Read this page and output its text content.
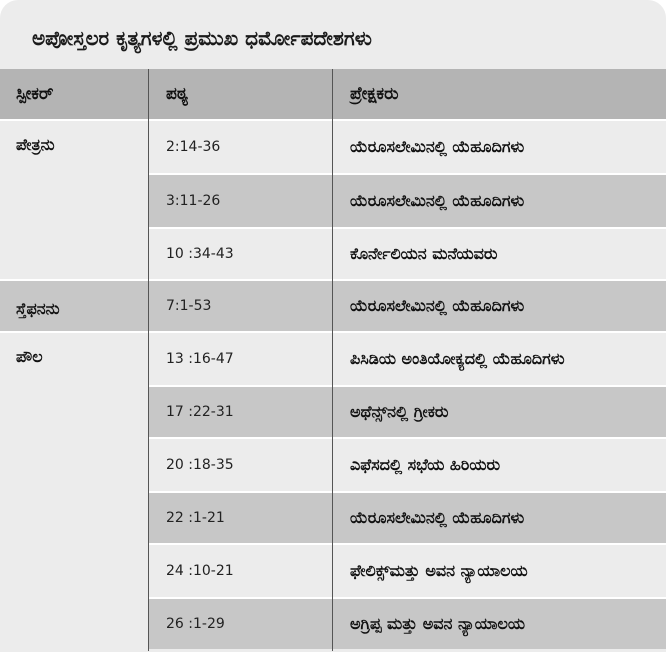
ಅಪೋಸ್ತಲರ ಕೃತ್ಯಗಳಲ್ಲಿ ಪ್ರಮುಖ ಧರ್ಮೋಪದೇಶಗಳು
ಸ್ಪೀಕರ್	ಪಠ್ಯ	ಪ್ರೇಕ್ಷಕರು
ಪೇತ್ರನು	2:14-36	ಯೆರೂಸಲೇಮಿನಲ್ಲಿ ಯೆಹೂದಿಗಳು
3:11-26	ಯೆರೂಸಲೇಮಿನಲ್ಲಿ ಯೆಹೂದಿಗಳು
10 :34-43	ಕೊರ್ನೇಲಿಯನ ಮನೆಯವರು
ಸ್ತೆಫನನು	7:1-53	ಯೆರೂಸಲೇಮಿನಲ್ಲಿ ಯೆಹೂದಿಗಳು
ಪೌಲ	13 :16-47	ಪಿಸಿಡಿಯ ಅಂತಿಯೋಕ್ಯದಲ್ಲಿ ಯೆಹೂದಿಗಳು
17 :22-31	ಅಥೆನ್ಸ್‌ನಲ್ಲಿ ಗ್ರೀಕರು
20 :18-35	ಎಫೆಸದಲ್ಲಿ ಸಭೆಯ ಹಿರಿಯರು
22 :1-21	ಯೆರೂಸಲೇಮಿನಲ್ಲಿ ಯೆಹೂದಿಗಳು
24 :10-21	ಫೇಲಿಕ್ಸ್‌ಮತ್ತು ಅವನ ನ್ಯಾಯಾಲಯ
26 :1-29	ಅಗ್ರಿಪ್ಪ ಮತ್ತು ಅವನ ನ್ಯಾಯಾಲಯ
